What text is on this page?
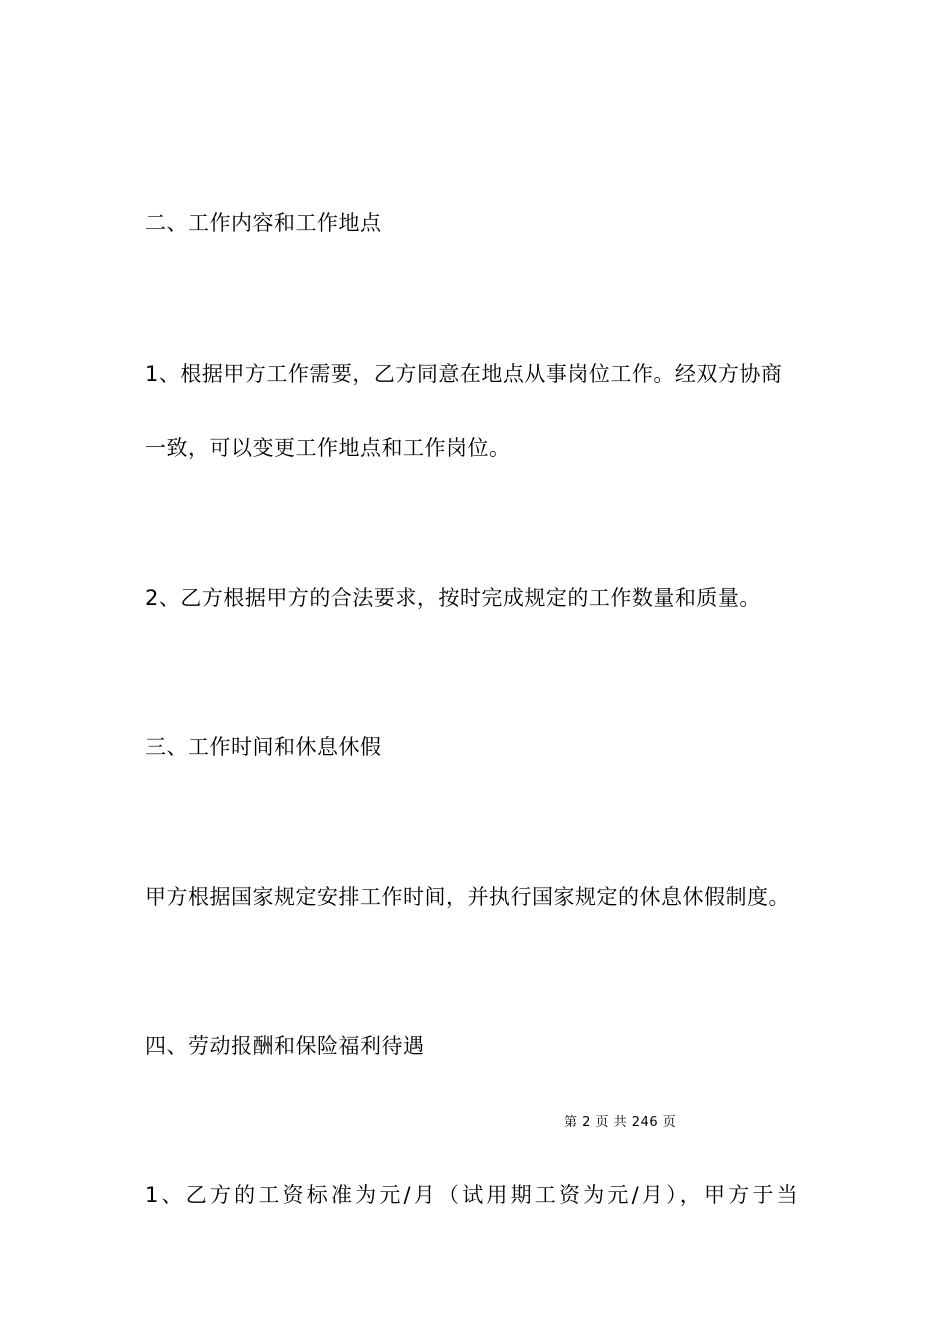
二、工作内容和工作地点
1、根据甲方工作需要，乙方同意在地点从事岗位工作。经双方协商
一致，可以变更工作地点和工作岗位。
2、乙方根据甲方的合法要求，按时完成规定的工作数量和质量。
三、工作时间和休息休假
甲方根据国家规定安排工作时间，并执行国家规定的休息休假制度。
四、劳动报酬和保险福利待遇
第 2 页 共 246 页
1、乙方的工资标准为元/月（试用期工资为元/月），甲方于当
